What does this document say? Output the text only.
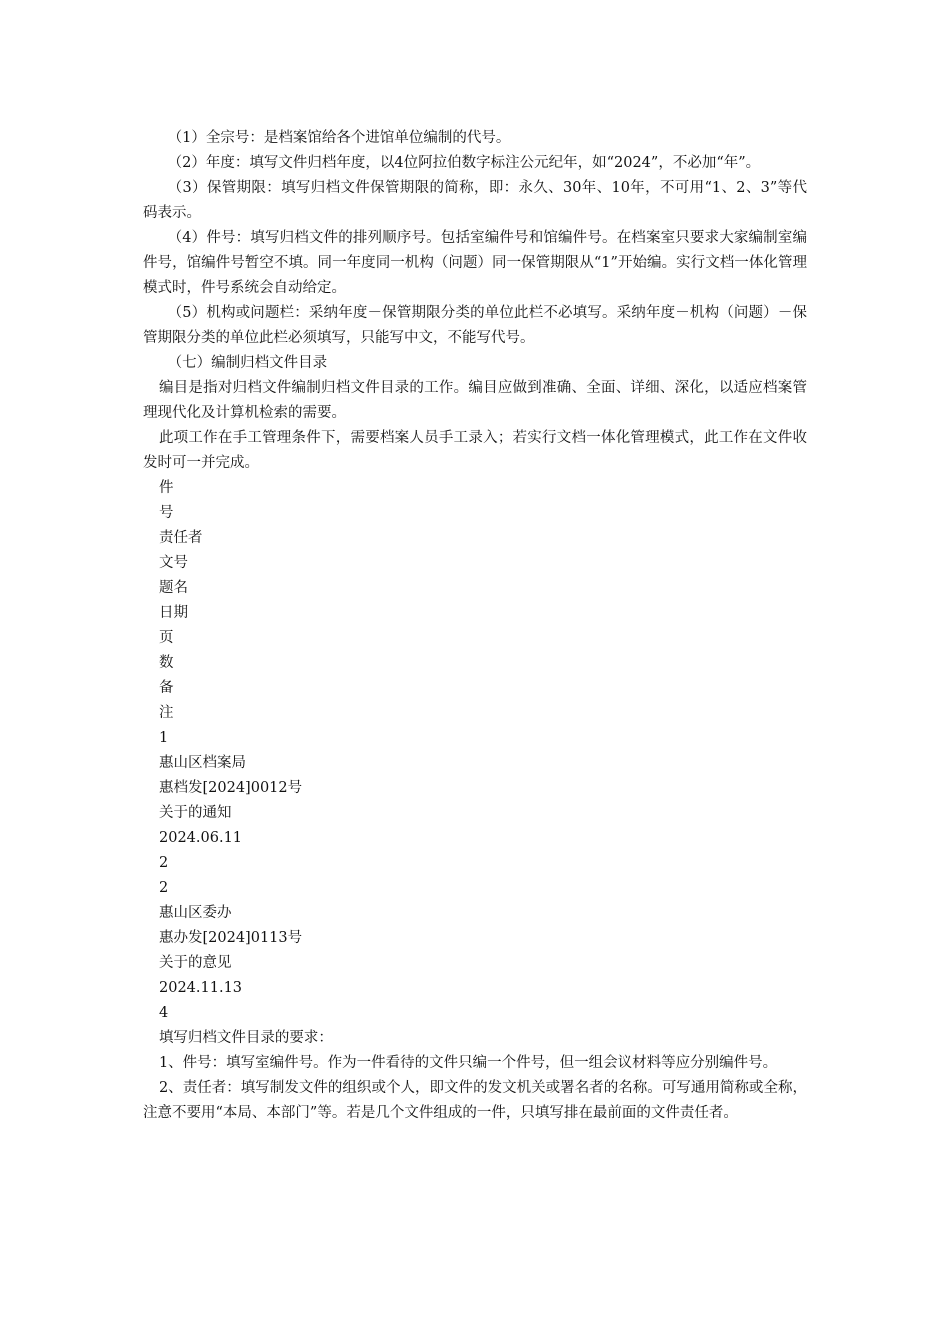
（1）全宗号：是档案馆给各个进馆单位编制的代号。

（2）年度：填写文件归档年度，以4位阿拉伯数字标注公元纪年，如“2024”，不必加“年”。

（3）保管期限：填写归档文件保管期限的简称，即：永久、30年、10年，不可用“1、2、3”等代码表示。

（4）件号：填写归档文件的排列顺序号。包括室编件号和馆编件号。在档案室只要求大家编制室编件号，馆编件号暂空不填。同一年度同一机构（问题）同一保管期限从“1”开始编。实行文档一体化管理模式时，件号系统会自动给定。

（5）机构或问题栏：采纳年度－保管期限分类的单位此栏不必填写。采纳年度－机构（问题）－保管期限分类的单位此栏必须填写，只能写中文，不能写代号。

（七）编制归档文件目录

编目是指对归档文件编制归档文件目录的工作。编目应做到准确、全面、详细、深化，以适应档案管理现代化及计算机检索的需要。

此项工作在手工管理条件下，需要档案人员手工录入；若实行文档一体化管理模式，此工作在文件收发时可一并完成。

件

号

责任者

文号

题名

日期

页

数

备

注

1

惠山区档案局

惠档发[2024]0012号

关于的通知

2024.06.11

2

2

惠山区委办

惠办发[2024]0113号

关于的意见

2024.11.13

4

填写归档文件目录的要求：

1、件号：填写室编件号。作为一件看待的文件只编一个件号，但一组会议材料等应分别编件号。

2、责任者：填写制发文件的组织或个人，即文件的发文机关或署名者的名称。可写通用简称或全称，注意不要用“本局、本部门”等。若是几个文件组成的一件，只填写排在最前面的文件责任者。
